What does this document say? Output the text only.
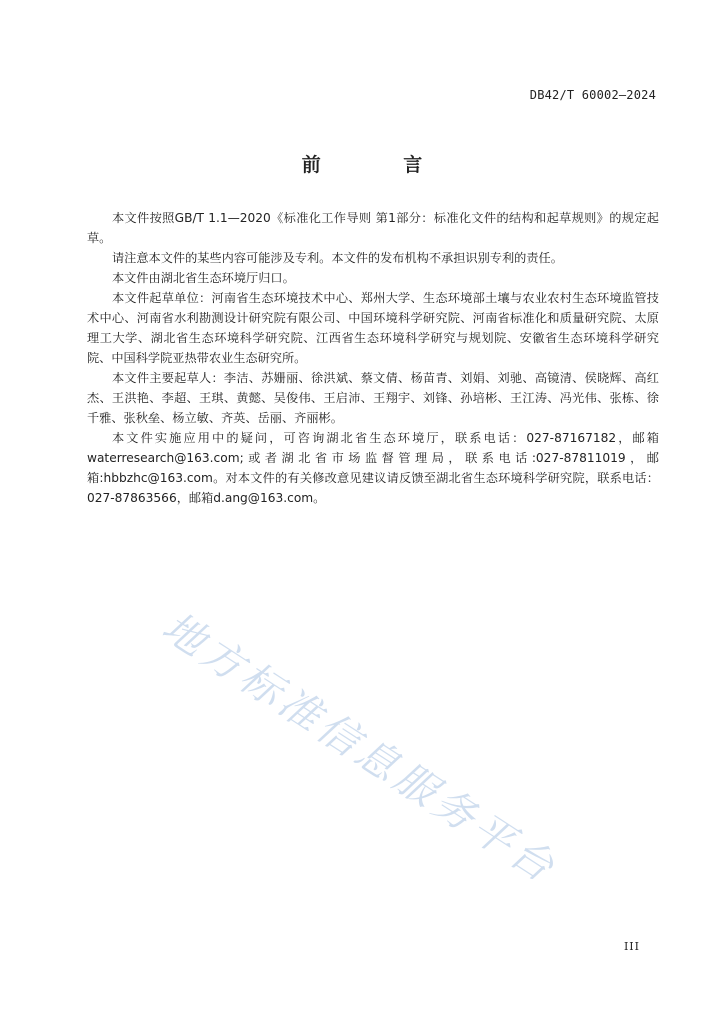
DB42/T 60002—2024
前 言

本文件按照GB/T 1.1—2020《标准化工作导则 第1部分：标准化文件的结构和起草规则》的规定起草。

请注意本文件的某些内容可能涉及专利。本文件的发布机构不承担识别专利的责任。

本文件由湖北省生态环境厅归口。

本文件起草单位：河南省生态环境技术中心、郑州大学、生态环境部土壤与农业农村生态环境监管技术中心、河南省水利勘测设计研究院有限公司、中国环境科学研究院、河南省标准化和质量研究院、太原理工大学、湖北省生态环境科学研究院、江西省生态环境科学研究与规划院、安徽省生态环境科学研究院、中国科学院亚热带农业生态研究所。

本文件主要起草人：李洁、苏姗丽、徐洪斌、蔡文倩、杨苗青、刘娟、刘驰、高镜清、侯晓辉、高红杰、王洪艳、李超、王琪、黄懿、吴俊伟、王启沛、王翔宇、刘锋、孙培彬、王江涛、冯光伟、张栋、徐千雅、张秋垒、杨立敏、齐英、岳丽、齐丽彬。

本文件实施应用中的疑问，可咨询湖北省生态环境厅，联系电话：027-87167182，邮箱waterresearch@163.com;或者湖北省市场监督管理局，联系电话:027-87811019，邮箱:hbbzhc@163.com。对本文件的有关修改意见建议请反馈至湖北省生态环境科学研究院，联系电话：027-87863566，邮箱d.ang@163.com。

地方标准信息服务平台
III
